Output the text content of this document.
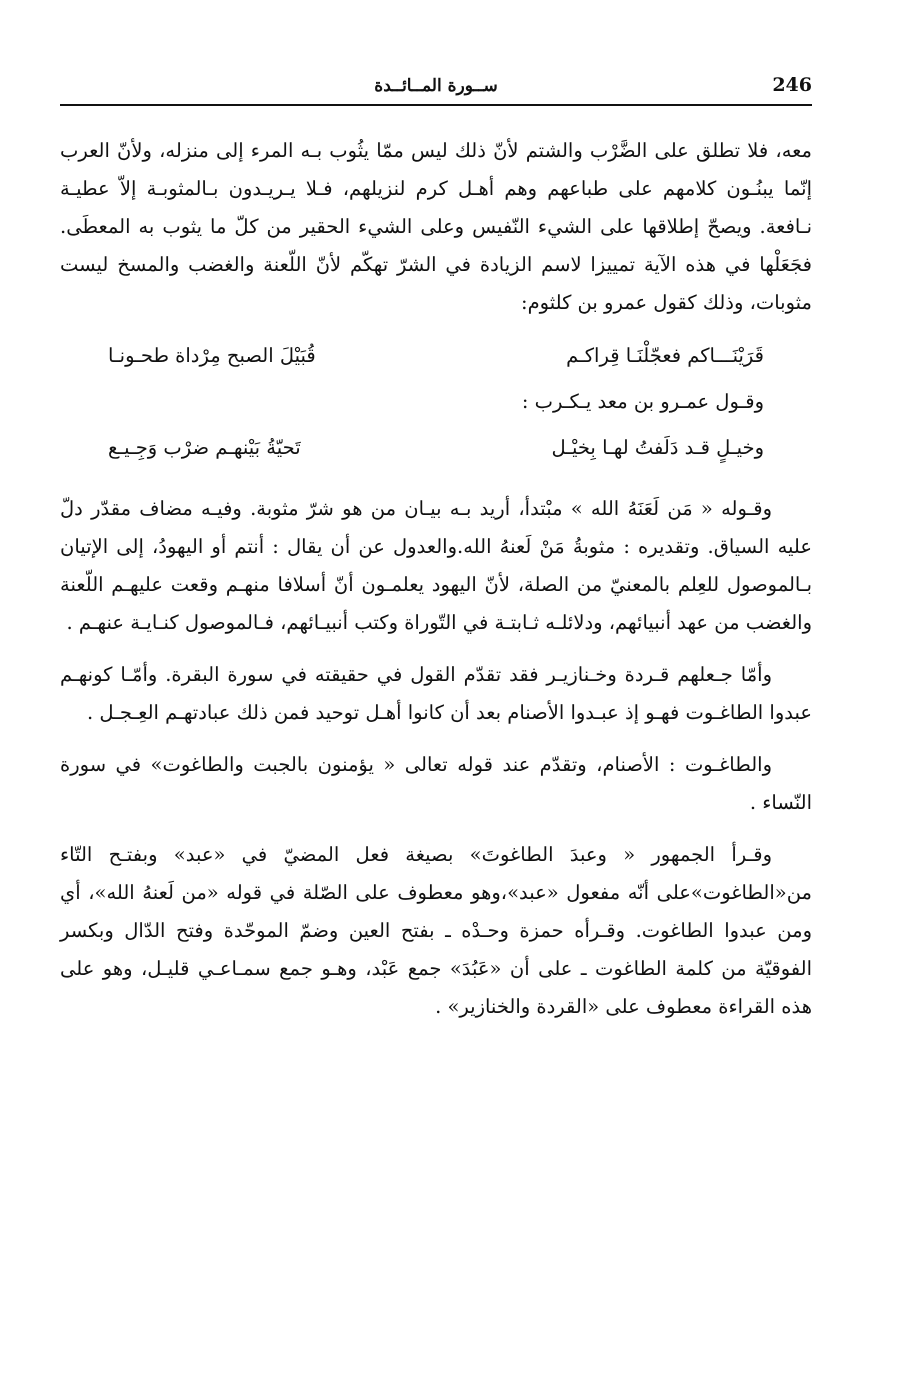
246
ســورة المــائــدة

معه، فلا تطلق على الضَّرْب والشتم لأنّ ذلك ليس ممّا يثُوب بـه المرء إلى منزله، ولأنّ العرب إنّما يبنُـون كلامهم على طباعهم وهم أهـل كرم لنزيلهم، فـلا يـريـدون بـالمثوبـة إلاّ عطيـة نـافعة. ويصحّ إطلاقها على الشيء النّفيس وعلى الشيء الحقير من كلّ ما يثوب به المعطَى. فجَعَلْها في هذه الآية تمييزا لاسم الزيادة في الشرّ تهكّم لأنّ اللّعنة والغضب والمسخ ليست مثوبات، وذلك كقول عمرو بن كلثوم:

قَرَيْنَـــاكم فعجّلْنَـا قِراكـم
قُبَيْلَ الصبح مِرْداة طحـونـا
وقـول عمـرو بن معد يـكـرب :
وخيـلٍ قـد دَلَفتُ لهـا بِخيْـل
تَحيّةُ بَيْنهـم ضرْب وَجِـيـع

وقـوله « مَن لَعَنَهُ الله » مبْتدأ، أريد بـه بيـان من هو شرّ مثوبة. وفيـه مضاف مقدّر دلّ عليه السياق. وتقديره : مثوبةُ مَنْ لَعنهُ الله.والعدول عن أن يقال : أنتم أو اليهودُ، إلى الإتيان بـالموصول للعِلم بالمعنيّ من الصلة، لأنّ اليهود يعلمـون أنّ أسلافا منهـم وقعت عليهـم اللّعنة والغضب من عهد أنبيائهم، ودلائلـه ثـابتـة في التّوراة وكتب أنبيـائهم، فـالموصول كنـايـة عنهـم .

وأمّا جـعلهم قـردة وخـنازيـر فقد تقدّم القول في حقيقته في سورة البقرة. وأمّـا كونهـم عبدوا الطاغـوت فهـو إذ عبـدوا الأصنام بعد أن كانوا أهـل توحيد فمن ذلك عبادتهـم العِـجـل .

والطاغـوت : الأصنام، وتقدّم عند قوله تعالى « يؤمنون بالجبت والطاغوت» في سورة النّساء .

وقـرأ الجمهور « وعبدَ الطاغوتَ» بصيغة فعل المضيّ في «عبد» وبفتـح التّاء من«الطاغوت»على أنّه مفعول «عبد»،وهو معطوف على الصّلة في قوله «من لَعنهُ الله»، أي ومن عبدوا الطاغوت. وقـرأه حمزة وحـدْه ـ بفتح العين وضمّ الموحّدة وفتح الدّال وبكسر الفوقيّة من كلمة الطاغوت ـ على أن «عَبُدَ» جمع عَبْد، وهـو جمع سمـاعـي قليـل، وهو على هذه القراءة معطوف على «القردة والخنازير» .
